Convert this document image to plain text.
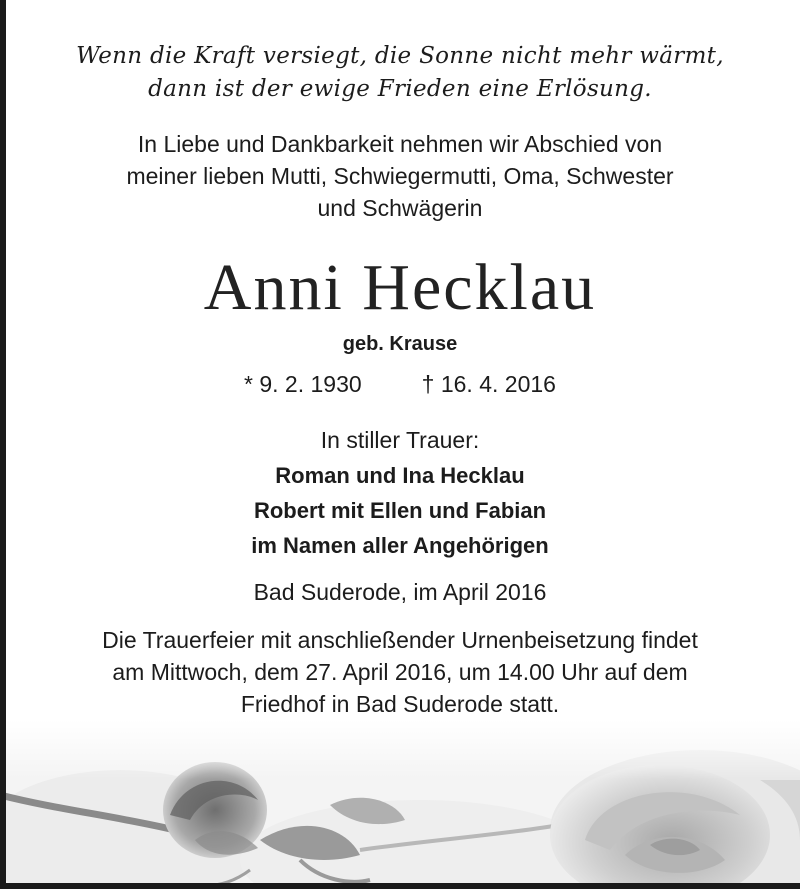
Wenn die Kraft versiegt, die Sonne nicht mehr wärmt,
dann ist der ewige Frieden eine Erlösung.
In Liebe und Dankbarkeit nehmen wir Abschied von
meiner lieben Mutti, Schwiegermutti, Oma, Schwester
und Schwägerin
Anni Hecklau
geb. Krause
* 9. 2. 1930	† 16. 4. 2016
In stiller Trauer:
Roman und Ina Hecklau
Robert mit Ellen und Fabian
im Namen aller Angehörigen
Bad Suderode, im April 2016
Die Trauerfeier mit anschließender Urnenbeisetzung findet
am Mittwoch, dem 27. April 2016, um 14.00 Uhr auf dem
Friedhof in Bad Suderode statt.
